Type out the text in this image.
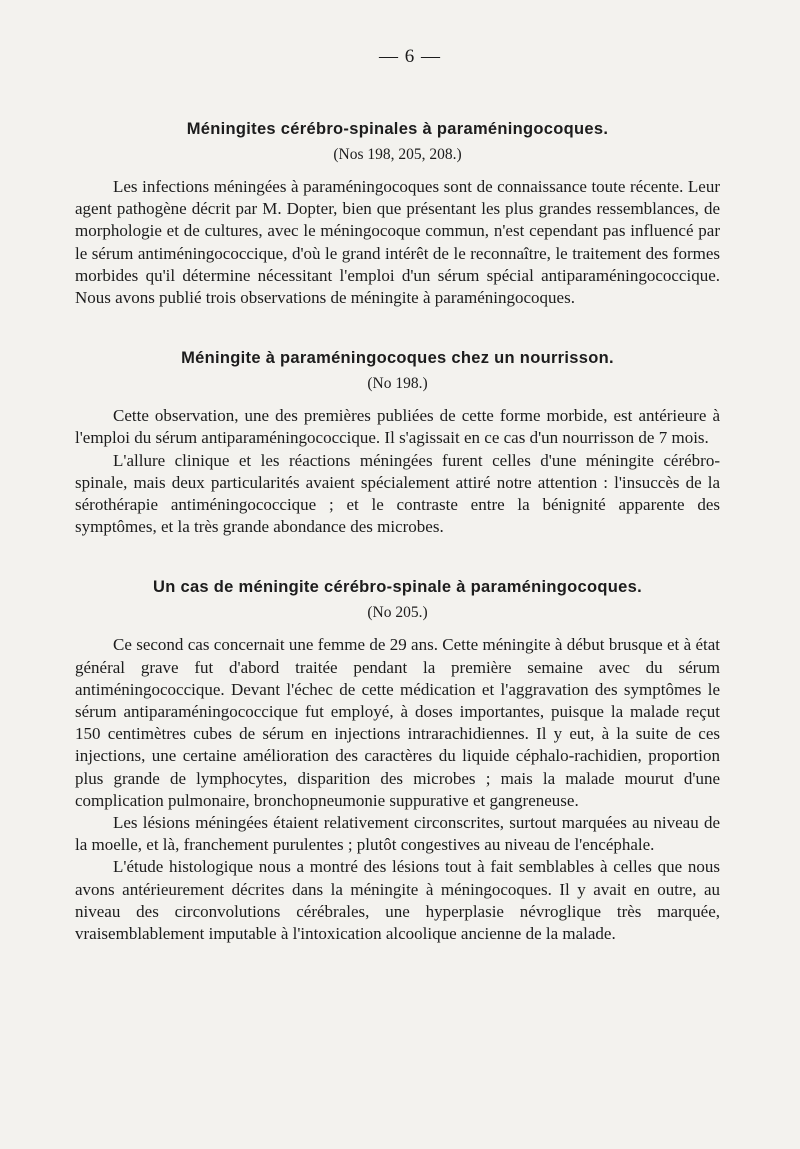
— 6 —
Méningites cérébro-spinales à paraméningocoques.
(Nos 198, 205, 208.)

Les infections méningées à paraméningocoques sont de connaissance toute récente. Leur agent pathogène décrit par M. Dopter, bien que présentant les plus grandes ressemblances, de morphologie et de cultures, avec le méningocoque commun, n'est cependant pas influencé par le sérum antiméningococcique, d'où le grand intérêt de le reconnaître, le traitement des formes morbides qu'il détermine nécessitant l'emploi d'un sérum spécial antiparaméningococcique. Nous avons publié trois observations de méningite à paraméningocoques.

Méningite à paraméningocoques chez un nourrisson.
(No 198.)

Cette observation, une des premières publiées de cette forme morbide, est antérieure à l'emploi du sérum antiparaméningococcique. Il s'agissait en ce cas d'un nourrisson de 7 mois.

L'allure clinique et les réactions méningées furent celles d'une méningite cérébro-spinale, mais deux particularités avaient spécialement attiré notre attention : l'insuccès de la sérothérapie antiméningococcique ; et le contraste entre la bénignité apparente des symptômes, et la très grande abondance des microbes.

Un cas de méningite cérébro-spinale à paraméningocoques.
(No 205.)

Ce second cas concernait une femme de 29 ans. Cette méningite à début brusque et à état général grave fut d'abord traitée pendant la première semaine avec du sérum antiméningococcique. Devant l'échec de cette médication et l'aggravation des symptômes le sérum antiparaméningococcique fut employé, à doses importantes, puisque la malade reçut 150 centimètres cubes de sérum en injections intrarachidiennes. Il y eut, à la suite de ces injections, une certaine amélioration des caractères du liquide céphalo-rachidien, proportion plus grande de lymphocytes, disparition des microbes ; mais la malade mourut d'une complication pulmonaire, bronchopneumonie suppurative et gangreneuse.

Les lésions méningées étaient relativement circonscrites, surtout marquées au niveau de la moelle, et là, franchement purulentes ; plutôt congestives au niveau de l'encéphale.

L'étude histologique nous a montré des lésions tout à fait semblables à celles que nous avons antérieurement décrites dans la méningite à méningocoques. Il y avait en outre, au niveau des circonvolutions cérébrales, une hyperplasie névroglique très marquée, vraisemblablement imputable à l'intoxication alcoolique ancienne de la malade.
